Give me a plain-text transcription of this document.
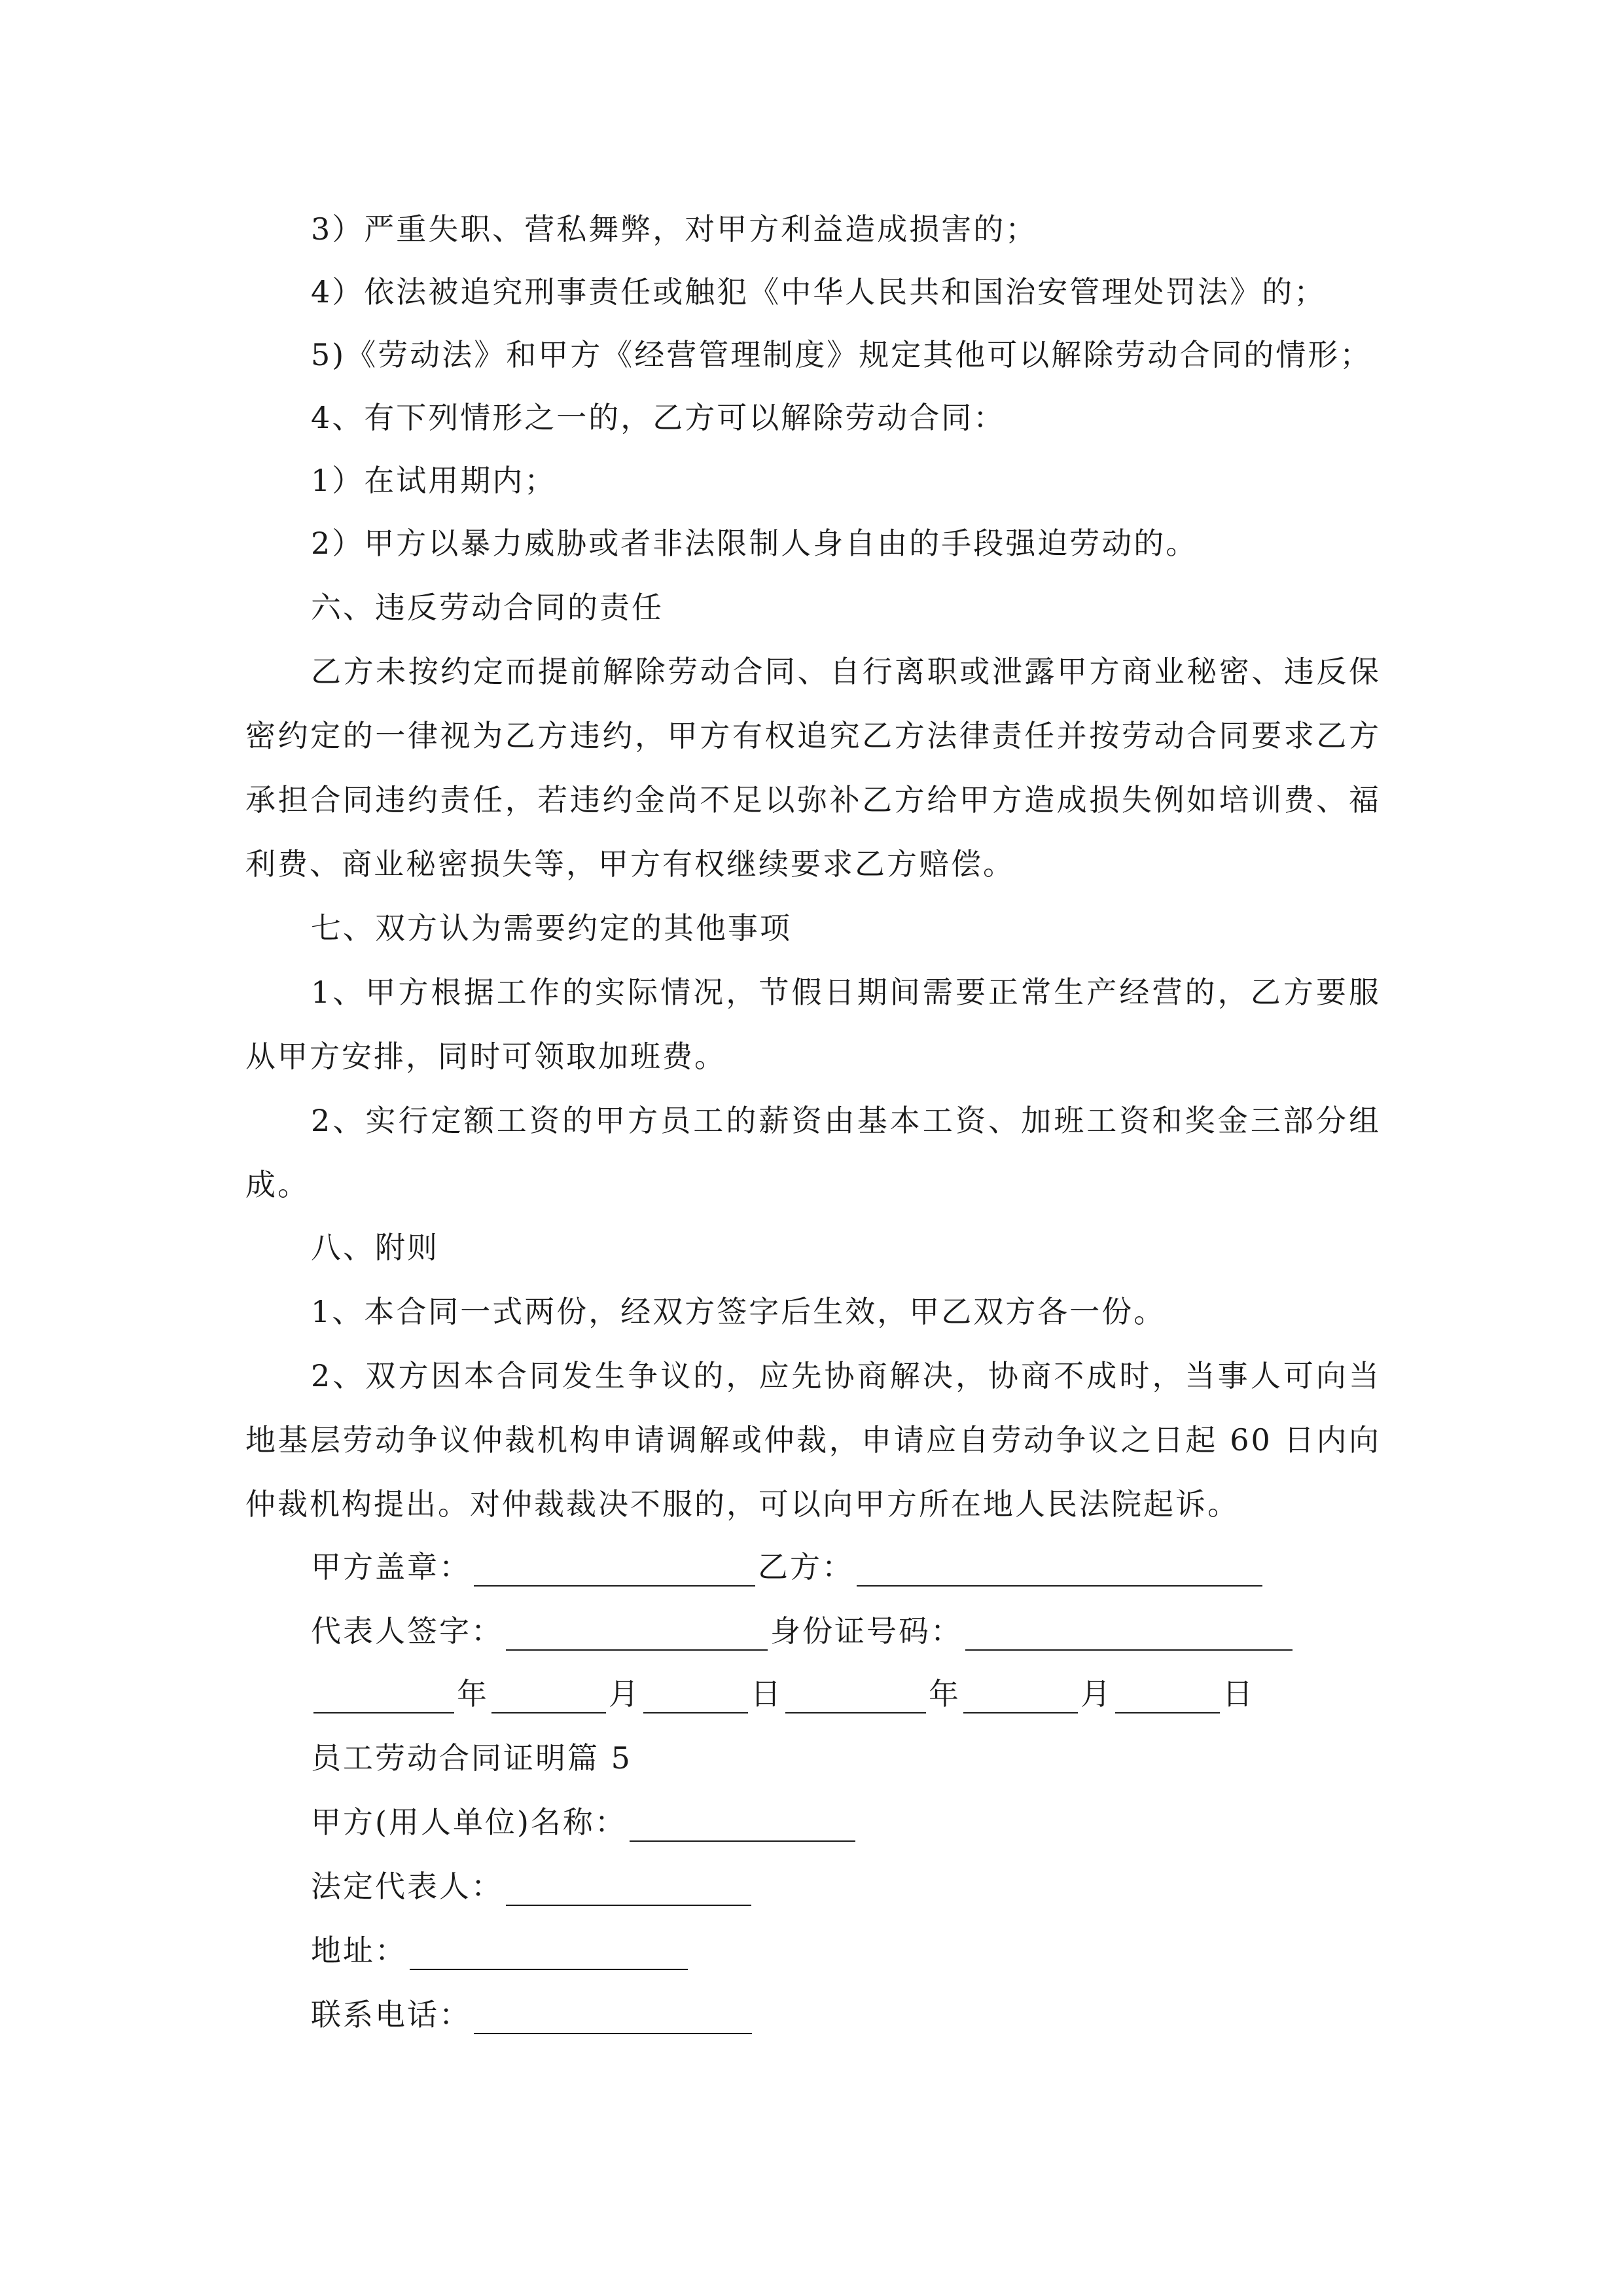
3）严重失职、营私舞弊，对甲方利益造成损害的；
4）依法被追究刑事责任或触犯《中华人民共和国治安管理处罚法》的；
5)《劳动法》和甲方《经营管理制度》规定其他可以解除劳动合同的情形；
4、有下列情形之一的，乙方可以解除劳动合同：
1）在试用期内；
2）甲方以暴力威胁或者非法限制人身自由的手段强迫劳动的。
六、违反劳动合同的责任
乙方未按约定而提前解除劳动合同、自行离职或泄露甲方商业秘密、违反保
密约定的一律视为乙方违约，甲方有权追究乙方法律责任并按劳动合同要求乙方
承担合同违约责任，若违约金尚不足以弥补乙方给甲方造成损失例如培训费、福
利费、商业秘密损失等，甲方有权继续要求乙方赔偿。
七、双方认为需要约定的其他事项
1、甲方根据工作的实际情况，节假日期间需要正常生产经营的，乙方要服
从甲方安排，同时可领取加班费。
2、实行定额工资的甲方员工的薪资由基本工资、加班工资和奖金三部分组
成。
八、附则
1、本合同一式两份，经双方签字后生效，甲乙双方各一份。
2、双方因本合同发生争议的，应先协商解决，协商不成时，当事人可向当
地基层劳动争议仲裁机构申请调解或仲裁，申请应自劳动争议之日起 60 日内向
仲裁机构提出。对仲裁裁决不服的，可以向甲方所在地人民法院起诉。
甲方盖章：	乙方：
代表人签字：	身份证号码：
年	月	日	年	月	日
员工劳动合同证明篇 5
甲方(用人单位)名称：
法定代表人：
地址：
联系电话：
